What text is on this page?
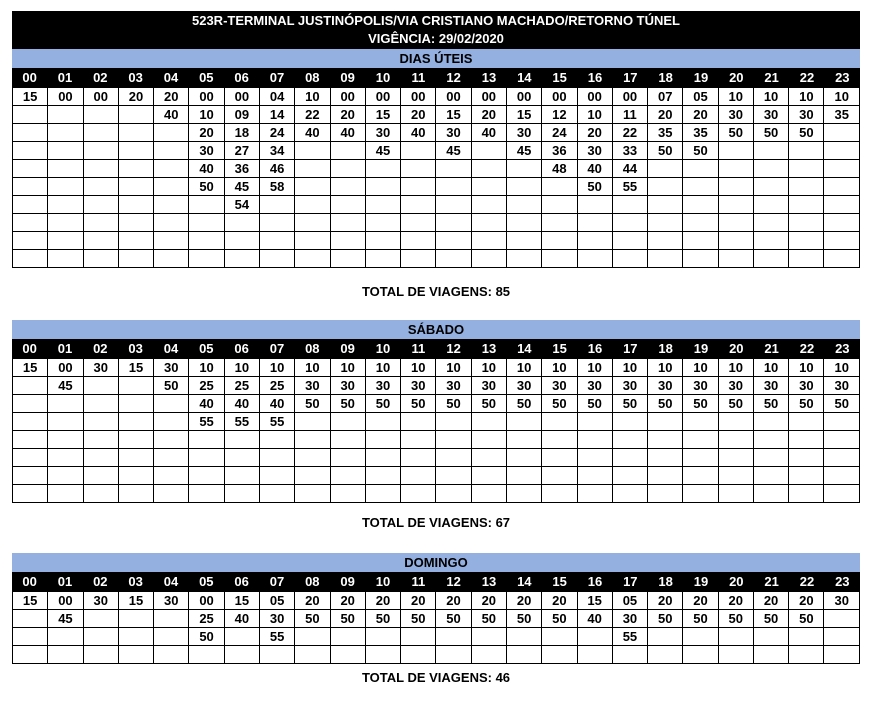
523R-TERMINAL JUSTINÓPOLIS/VIA CRISTIANO MACHADO/RETORNO TÚNEL
VIGÊNCIA: 29/02/2020
DIAS ÚTEIS
00	01	02	03	04	05	06	07	08	09	10	11	12	13	14	15	16	17	18	19	20	21	22	23
15	00	00	20	20	00	00	04	10	00	00	00	00	00	00	00	00	00	07	05	10	10	10	10
				40	10	09	14	22	20	15	20	15	20	15	12	10	11	20	20	30	30	30	35
					20	18	24	40	40	30	40	30	40	30	24	20	22	35	35	50	50	50	
					30	27	34			45		45		45	36	30	33	50	50				
					40	36	46								48	40	44						
					50	45	58									50	55						
						54																	

TOTAL DE VIAGENS: 85
SÁBADO
00	01	02	03	04	05	06	07	08	09	10	11	12	13	14	15	16	17	18	19	20	21	22	23
15	00	30	15	30	10	10	10	10	10	10	10	10	10	10	10	10	10	10	10	10	10	10	10
	45			50	25	25	25	30	30	30	30	30	30	30	30	30	30	30	30	30	30	30	30
					40	40	40	50	50	50	50	50	50	50	50	50	50	50	50	50	50	50	50
					55	55	55																

TOTAL DE VIAGENS: 67
DOMINGO
00	01	02	03	04	05	06	07	08	09	10	11	12	13	14	15	16	17	18	19	20	21	22	23
15	00	30	15	30	00	15	05	20	20	20	20	20	20	20	20	15	05	20	20	20	20	20	30
	45				25	40	30	50	50	50	50	50	50	50	50	40	30	50	50	50	50	50	
					50		55										55						

TOTAL DE VIAGENS: 46
